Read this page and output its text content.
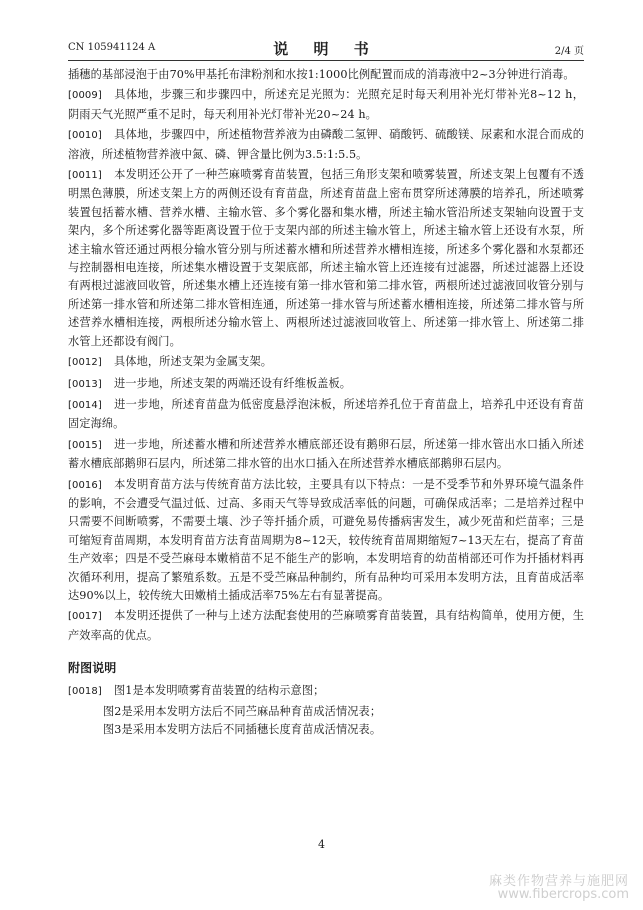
CN 105941124 A	说 明 书	2/4 页

插穗的基部浸泡于由70%甲基托布津粉剂和水按1:1000比例配置而成的消毒液中2~3分钟进行消毒。

[0009] 具体地，步骤三和步骤四中，所述充足光照为：光照充足时每天利用补光灯带补光8~12 h，阴雨天气光照严重不足时，每天利用补光灯带补光20~24 h。

[0010] 具体地，步骤四中，所述植物营养液为由磷酸二氢钾、硝酸钙、硫酸镁、尿素和水混合而成的溶液，所述植物营养液中氮、磷、钾含量比例为3.5:1:5.5。

[0011] 本发明还公开了一种苎麻喷雾育苗装置，包括三角形支架和喷雾装置，所述支架上包覆有不透明黑色薄膜，所述支架上方的两侧还设有育苗盘，所述育苗盘上密布贯穿所述薄膜的培养孔，所述喷雾装置包括蓄水槽、营养水槽、主输水管、多个雾化器和集水槽，所述主输水管沿所述支架轴向设置于支架内，多个所述雾化器等距离设置于位于支架内部的所述主输水管上，所述主输水管上还设有水泵，所述主输水管还通过两根分输水管分别与所述蓄水槽和所述营养水槽相连接，所述多个雾化器和水泵都还与控制器相电连接，所述集水槽设置于支架底部，所述主输水管上还连接有过滤器，所述过滤器上还设有两根过滤液回收管，所述集水槽上还连接有第一排水管和第二排水管，两根所述过滤液回收管分别与所述第一排水管和所述第二排水管相连通，所述第一排水管与所述蓄水槽相连接，所述第二排水管与所述营养水槽相连接，两根所述分输水管上、两根所述过滤液回收管上、所述第一排水管上、所述第二排水管上还都设有阀门。

[0012] 具体地，所述支架为金属支架。

[0013] 进一步地，所述支架的两端还设有纤维板盖板。

[0014] 进一步地，所述育苗盘为低密度悬浮泡沫板，所述培养孔位于育苗盘上，培养孔中还设有育苗固定海绵。

[0015] 进一步地，所述蓄水槽和所述营养水槽底部还设有鹅卵石层，所述第一排水管出水口插入所述蓄水槽底部鹅卵石层内，所述第二排水管的出水口插入在所述营养水槽底部鹅卵石层内。

[0016] 本发明育苗方法与传统育苗方法比较，主要具有以下特点：一是不受季节和外界环境气温条件的影响，不会遭受气温过低、过高、多雨天气等导致成活率低的问题，可确保成活率；二是培养过程中只需要不间断喷雾，不需要土壤、沙子等扦插介质，可避免易传播病害发生，减少死苗和烂苗率；三是可缩短育苗周期，本发明育苗方法育苗周期为8~12天，较传统育苗周期缩短7~13天左右，提高了育苗生产效率；四是不受苎麻母本嫩梢苗不足不能生产的影响，本发明培育的幼苗梢部还可作为扦插材料再次循环利用，提高了繁殖系数。五是不受苎麻品种制约，所有品种均可采用本发明方法，且育苗成活率达90%以上，较传统大田嫩梢土插成活率75%左右有显著提高。

[0017] 本发明还提供了一种与上述方法配套使用的苎麻喷雾育苗装置，具有结构简单，使用方便，生产效率高的优点。

附图说明

[0018] 图1是本发明喷雾育苗装置的结构示意图；

图2是采用本发明方法后不同苎麻品种育苗成活情况表；

图3是采用本发明方法后不同插穗长度育苗成活情况表。

4
麻类作物营养与施肥网
www.fibercrops.com
